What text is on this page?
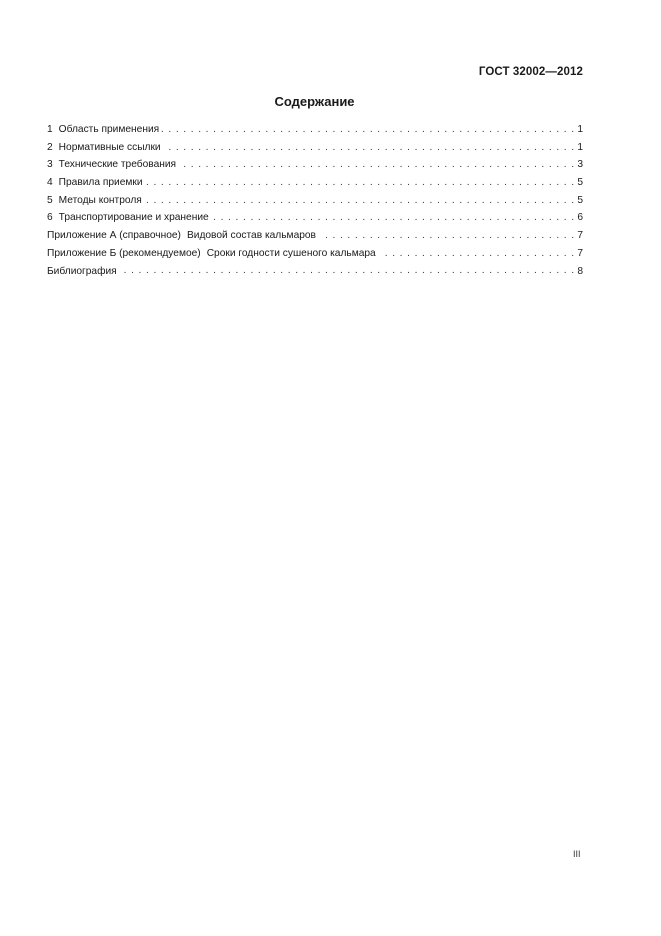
ГОСТ 32002—2012
Содержание
1 Область применения . . .	1
2 Нормативные ссылки . . .	1
3 Технические требования . . .	3
4 Правила приемки . . .	5
5 Методы контроля . . .	5
6 Транспортирование и хранение . . .	6
Приложение А (справочное) Видовой состав кальмаров . . .	7
Приложение Б (рекомендуемое) Сроки годности сушеного кальмара . . .	7
Библиография . . .	8
III
